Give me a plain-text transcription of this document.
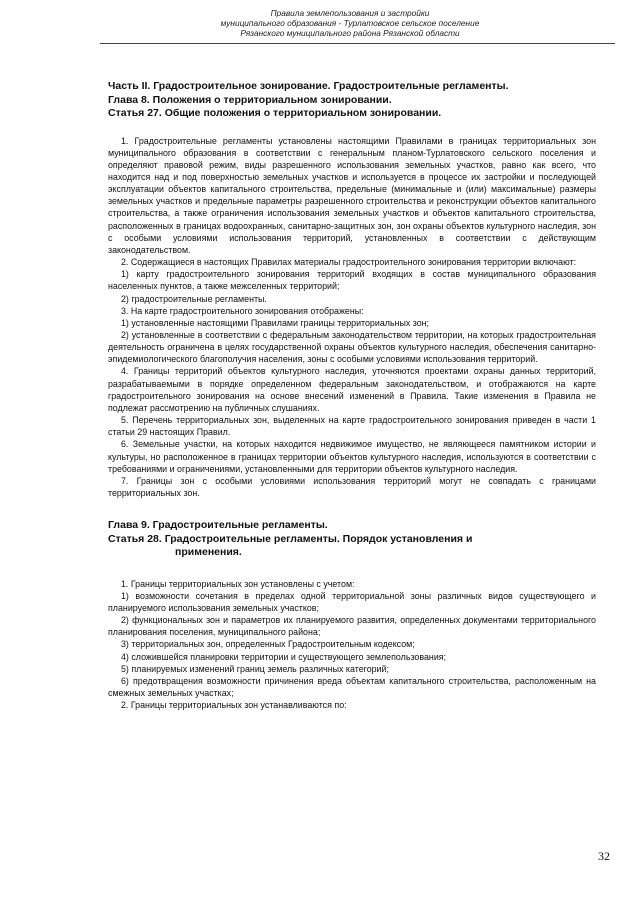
Правила землепользования и застройки
муниципального образования - Турлатовское сельское поселение
Рязанского муниципального района Рязанской области

Часть II. Градостроительное зонирование. Градостроительные регламенты.

Глава 8. Положения о территориальном зонировании.

Статья 27. Общие положения о территориальном зонировании.

1. Градостроительные регламенты установлены настоящими Правилами в границах территориальных зон муниципального образования в соответствии с генеральным планом-Турлатовского сельского поселения и определяют правовой режим, виды разрешенного использования земельных участков, равно как всего, что находится над и под поверхностью земельных участков и используется в процессе их застройки и последующей эксплуатации объектов капитального строительства, предельные (минимальные и (или) максимальные) размеры земельных участков и предельные параметры разрешенного строительства и реконструкции объектов капитального строительства, а также ограничения использования земельных участков и объектов капитального строительства, расположенных в границах водоохранных, санитарно-защитных зон, зон охраны объектов культурного наследия, зон с особыми условиями использования территорий, установленных в соответствии с действующим законодательством.

2. Содержащиеся в настоящих Правилах материалы градостроительного зонирования территории включают:

1) карту градостроительного зонирования территорий входящих в состав муниципального образования населенных пунктов, а также межселенных территорий;

2) градостроительные регламенты.

3. На карте градостроительного зонирования отображены:

1) установленные настоящими Правилами границы территориальных зон;

2) установленные в соответствии с федеральным законодательством территории, на которых градостроительная деятельность ограничена в целях государственной охраны объектов культурного наследия, обеспечения санитарно-эпидемиологического благополучия населения, зоны с особыми условиями использования территорий.

4. Границы территорий объектов культурного наследия, уточняются проектами охраны данных территорий, разрабатываемыми в порядке определенном федеральным законодательством, и отображаются на карте градостроительного зонирования на основе внесений изменений в Правила. Такие изменения в Правила не подлежат рассмотрению на публичных слушаниях.

5. Перечень территориальных зон, выделенных на карте градостроительного зонирования приведен в части 1 статьи 29 настоящих Правил.

6. Земельные участки, на которых находится недвижимое имущество, не являющееся памятником истории и культуры, но расположенное в границах территории объектов культурного наследия, используются в соответствии с требованиями и ограничениями, установленными для территории объектов культурного наследия.

7. Границы зон с особыми условиями использования территорий могут не совпадать с границами территориальных зон.

Глава 9. Градостроительные регламенты.

Статья 28. Градостроительные регламенты. Порядок установления и

применения.

1. Границы территориальных зон установлены с учетом:

1) возможности сочетания в пределах одной территориальной зоны различных видов существующего и планируемого использования земельных участков;

2) функциональных зон и параметров их планируемого развития, определенных документами территориального планирования поселения, муниципального района;

3) территориальных зон, определенных Градостроительным кодексом;

4) сложившейся планировки территории и существующего землепользования;

5) планируемых изменений границ земель различных категорий;

6) предотвращения возможности причинения вреда объектам капитального строительства, расположенным на смежных земельных участках;

2. Границы территориальных зон устанавливаются по:

32
